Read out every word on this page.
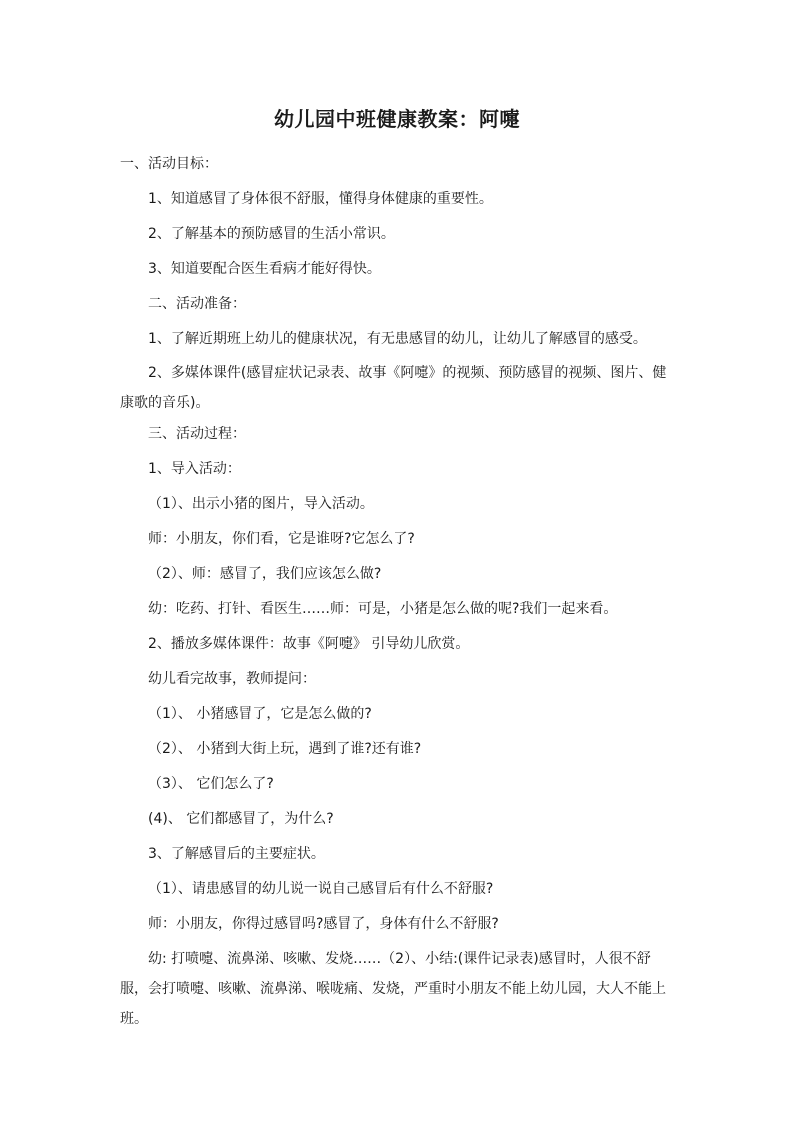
幼儿园中班健康教案：阿嚏
一、活动目标：
1、知道感冒了身体很不舒服，懂得身体健康的重要性。
2、了解基本的预防感冒的生活小常识。
3、知道要配合医生看病才能好得快。
二、活动准备：
1、了解近期班上幼儿的健康状况，有无患感冒的幼儿，让幼儿了解感冒的感受。
2、多媒体课件(感冒症状记录表、故事《阿嚏》的视频、预防感冒的视频、图片、健康歌的音乐)。
三、活动过程：
1、导入活动：
（1）、出示小猪的图片，导入活动。
师：小朋友，你们看，它是谁呀?它怎么了?
（2）、师：感冒了，我们应该怎么做?
幼：吃药、打针、看医生……师：可是，小猪是怎么做的呢?我们一起来看。
2、播放多媒体课件：故事《阿嚏》 引导幼儿欣赏。
幼儿看完故事，教师提问：
（1）、 小猪感冒了，它是怎么做的?
（2）、 小猪到大街上玩，遇到了谁?还有谁?
（3）、 它们怎么了?
(4)、 它们都感冒了，为什么?
3、了解感冒后的主要症状。
（1）、请患感冒的幼儿说一说自己感冒后有什么不舒服?
师：小朋友，你得过感冒吗?感冒了，身体有什么不舒服?
幼: 打喷嚏、流鼻涕、咳嗽、发烧……（2）、小结:(课件记录表)感冒时，人很不舒服，会打喷嚏、咳嗽、流鼻涕、喉咙痛、发烧，严重时小朋友不能上幼儿园，大人不能上班。
